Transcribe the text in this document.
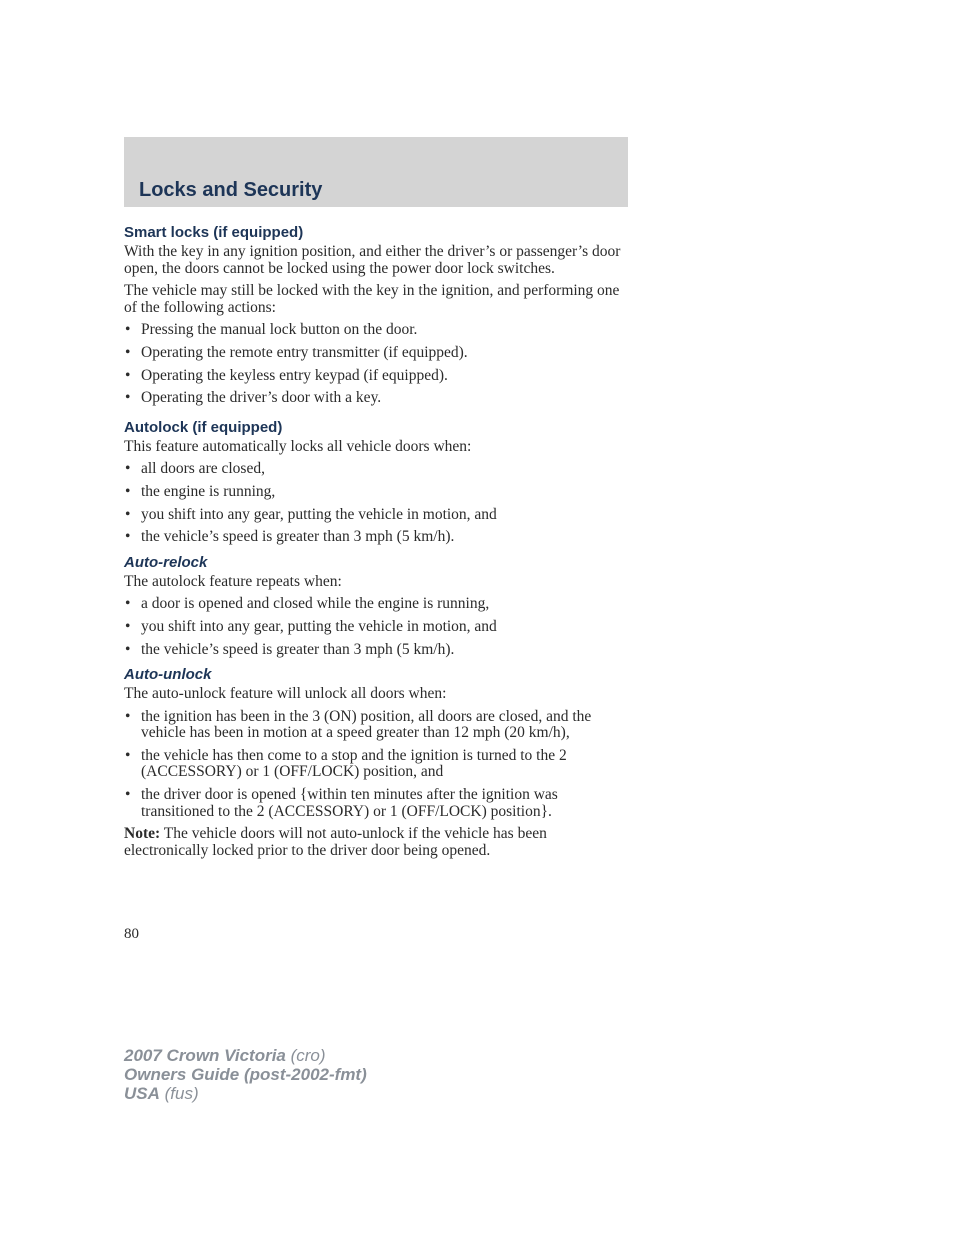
Locks and Security
Smart locks (if equipped)

With the key in any ignition position, and either the driver’s or passenger’s door open, the doors cannot be locked using the power door lock switches.

The vehicle may still be locked with the key in the ignition, and performing one of the following actions:

• Pressing the manual lock button on the door.
• Operating the remote entry transmitter (if equipped).
• Operating the keyless entry keypad (if equipped).
• Operating the driver’s door with a key.
Autolock (if equipped)

This feature automatically locks all vehicle doors when:

• all doors are closed,
• the engine is running,
• you shift into any gear, putting the vehicle in motion, and
• the vehicle’s speed is greater than 3 mph (5 km/h).
Auto-relock

The autolock feature repeats when:

• a door is opened and closed while the engine is running,
• you shift into any gear, putting the vehicle in motion, and
• the vehicle’s speed is greater than 3 mph (5 km/h).
Auto-unlock

The auto-unlock feature will unlock all doors when:

• the ignition has been in the 3 (ON) position, all doors are closed, and the vehicle has been in motion at a speed greater than 12 mph (20 km/h),
• the vehicle has then come to a stop and the ignition is turned to the 2 (ACCESSORY) or 1 (OFF/LOCK) position, and
• the driver door is opened {within ten minutes after the ignition was transitioned to the 2 (ACCESSORY) or 1 (OFF/LOCK) position}.

Note: The vehicle doors will not auto-unlock if the vehicle has been electronically locked prior to the driver door being opened.

80
2007 Crown Victoria (cro)
Owners Guide (post-2002-fmt)
USA (fus)
